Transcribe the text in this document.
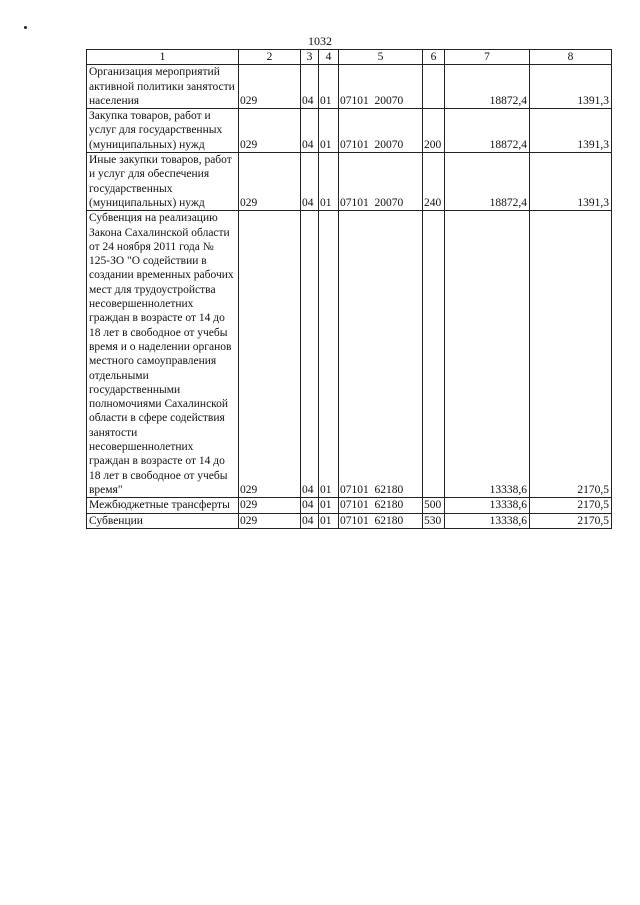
1032
1	2	3	4	5	6	7	8
Организация мероприятий активной политики занятости населения	029	04	01	07101  20070		18872,4	1391,3
Закупка товаров, работ и услуг для государственных (муниципальных) нужд	029	04	01	07101  20070	200	18872,4	1391,3
Иные закупки товаров, работ и услуг для обеспечения государственных (муниципальных) нужд	029	04	01	07101  20070	240	18872,4	1391,3
Субвенция на реализацию Закона Сахалинской области от 24 ноября 2011 года № 125-ЗО "О содействии в создании временных рабочих мест для трудоустройства несовершеннолетних граждан в возрасте от 14 до 18 лет в свободное от учебы время и о наделении органов местного самоуправления отдельными государственными полномочиями Сахалинской области в сфере содействия занятости несовершеннолетних граждан в возрасте от 14 до 18 лет в свободное от учебы время"	029	04	01	07101  62180		13338,6	2170,5
Межбюджетные трансферты	029	04	01	07101  62180	500	13338,6	2170,5
Субвенции	029	04	01	07101  62180	530	13338,6	2170,5
